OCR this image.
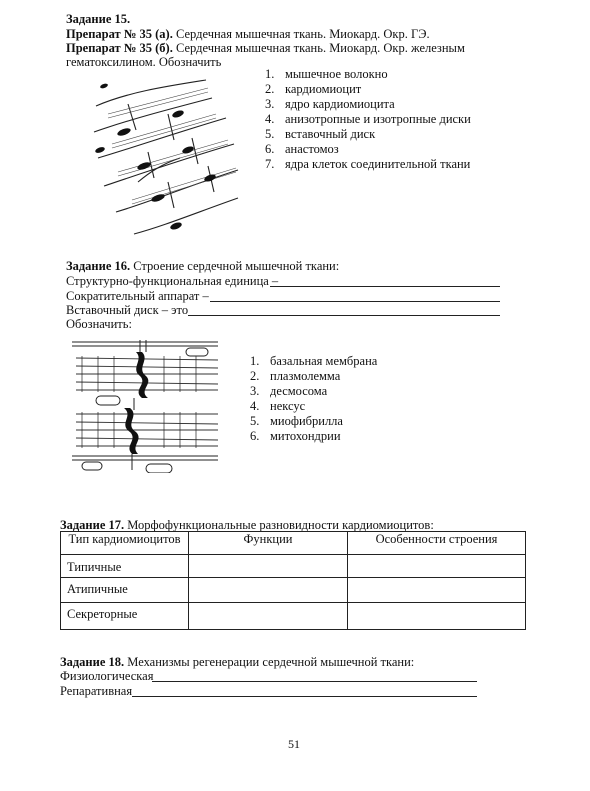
Задание 15.
Препарат № 35 (а). Сердечная мышечная ткань. Миокард. Окр. ГЭ.
Препарат № 35 (б). Сердечная мышечная ткань. Миокард. Окр. железным
гематоксилином. Обозначить
1. мышечное волокно
2. кардиомиоцит
3. ядро кардиомиоцита
4. анизотропные и изотропные диски
5. вставочный диск
6. анастомоз
7. ядра клеток соединительной ткани
Задание 16. Строение сердечной мышечной ткани:
Структурно-функциональная единица –
Сократительный аппарат –
Вставочный диск – это
Обозначить:
1. базальная мембрана
2. плазмолемма
3. десмосома
4. нексус
5. миофибрилла
6. митохондрии
Задание 17. Морфофункциональные разновидности кардиомиоцитов:
Тип кардиомиоцитов	Функции	Особенности строения
Типичные		
Атипичные		
Секреторные		
Задание 18. Механизмы регенерации сердечной мышечной ткани:
Физиологическая
Репаративная
51
